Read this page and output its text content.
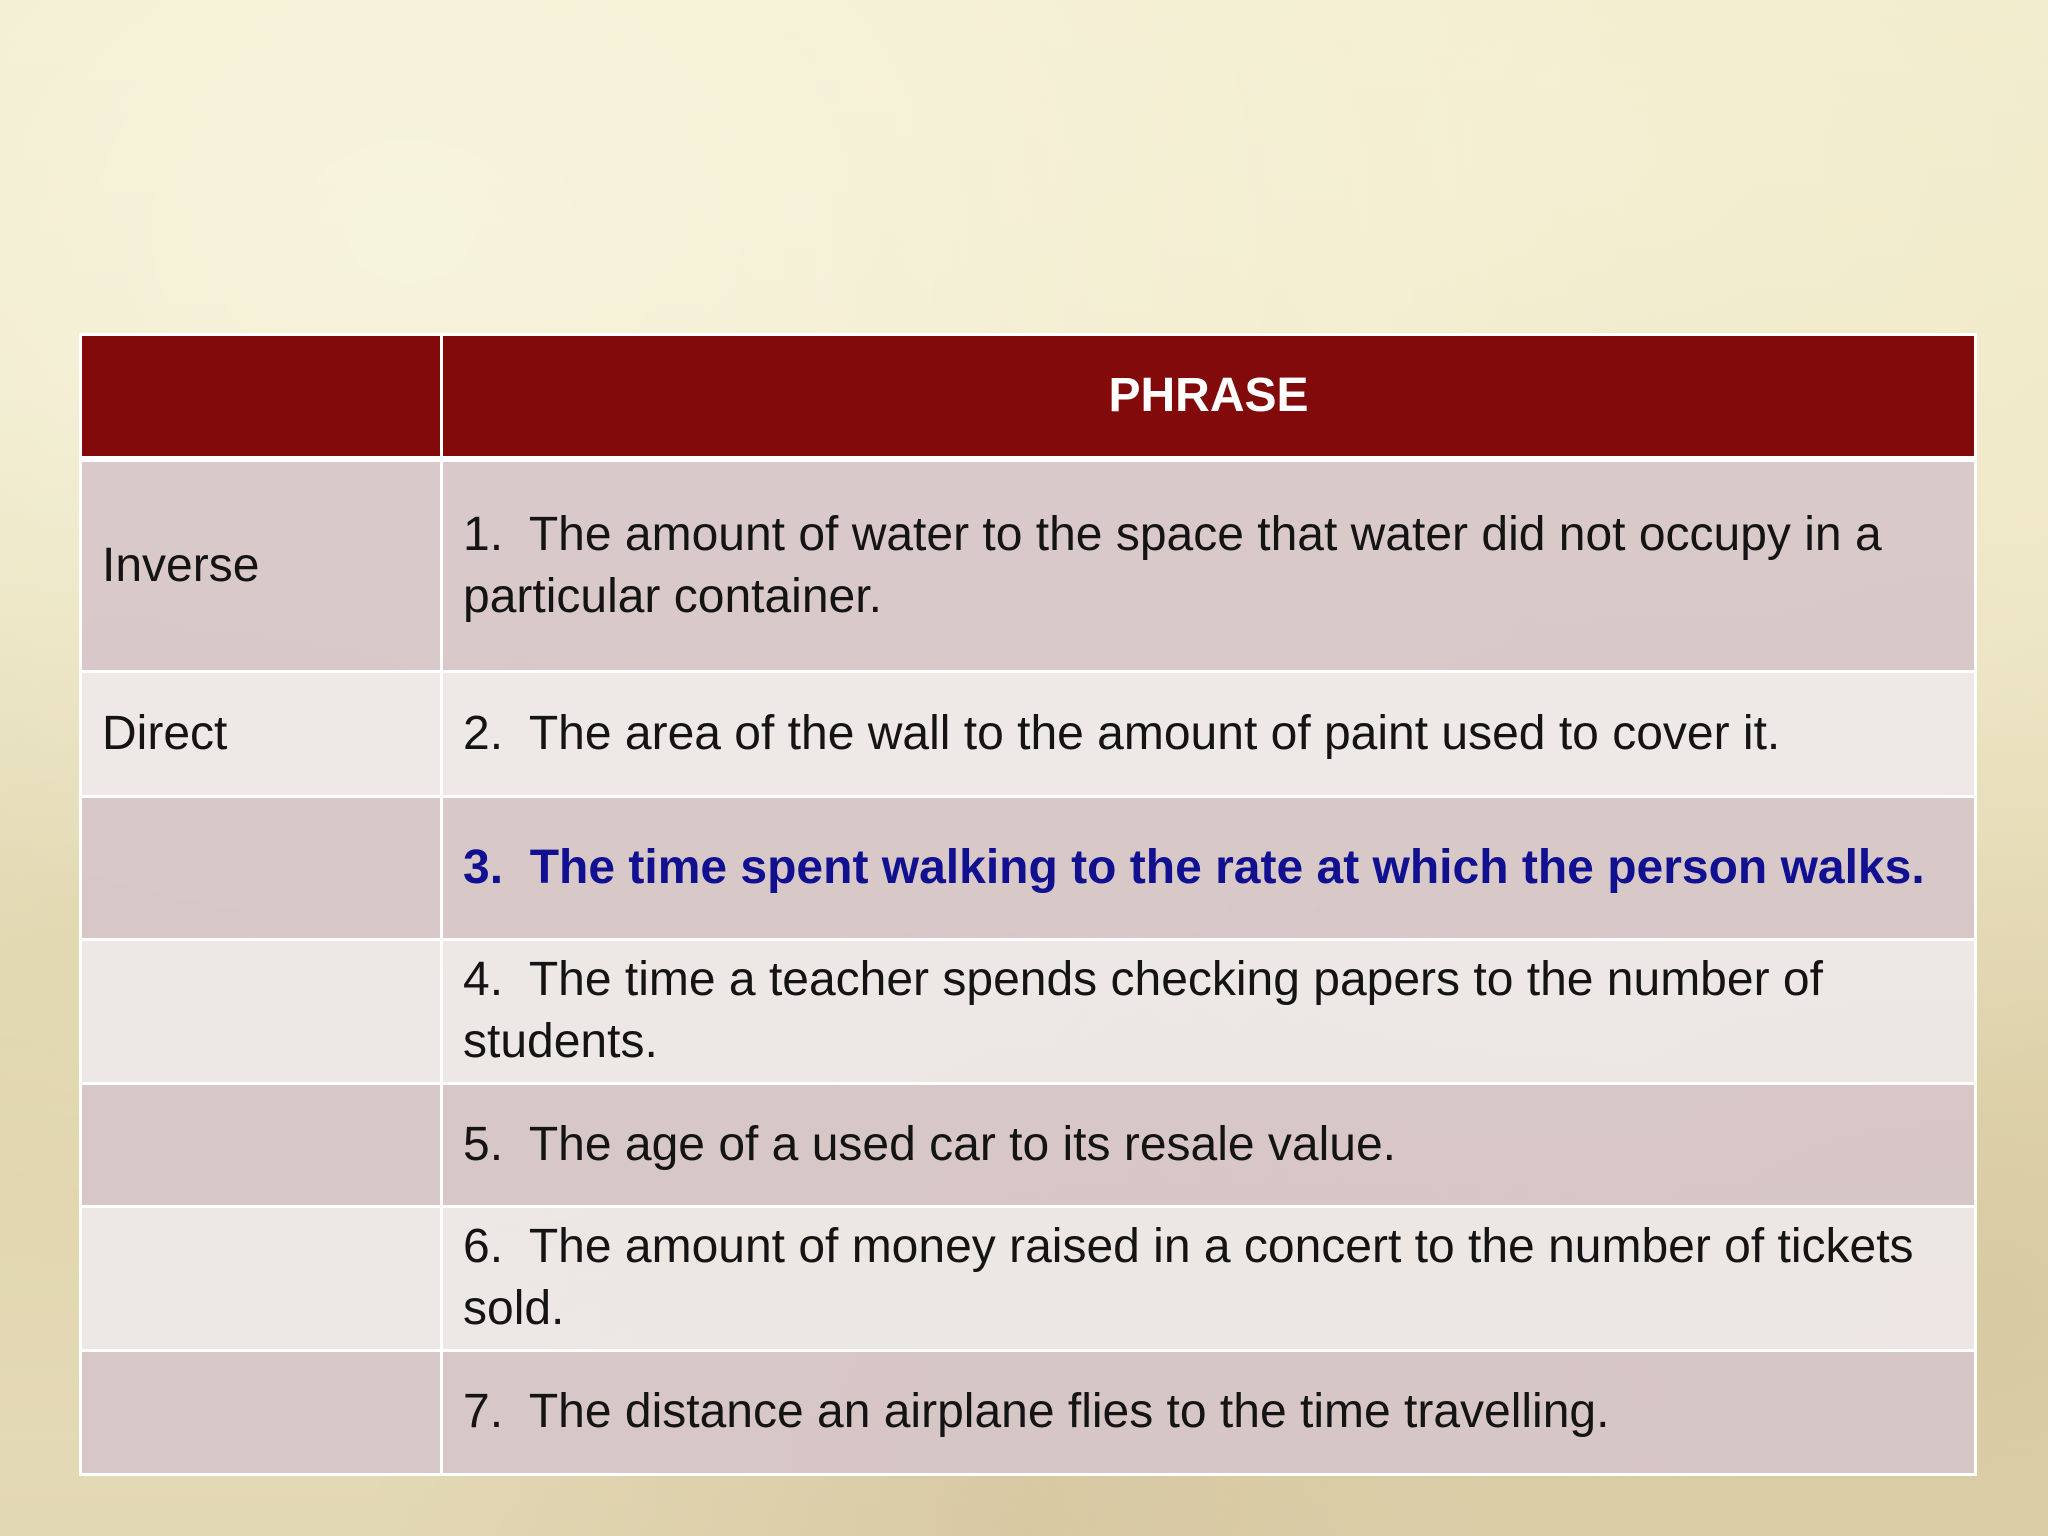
	PHRASE
Inverse	1. The amount of water to the space that water did not occupy in a particular container.
Direct	2. The area of the wall to the amount of paint used to cover it.
	3. The time spent walking to the rate at which the person walks.
	4. The time a teacher spends checking papers to the number of students.
	5. The age of a used car to its resale value.
	6. The amount of money raised in a concert to the number of tickets sold.
	7. The distance an airplane flies to the time travelling.
